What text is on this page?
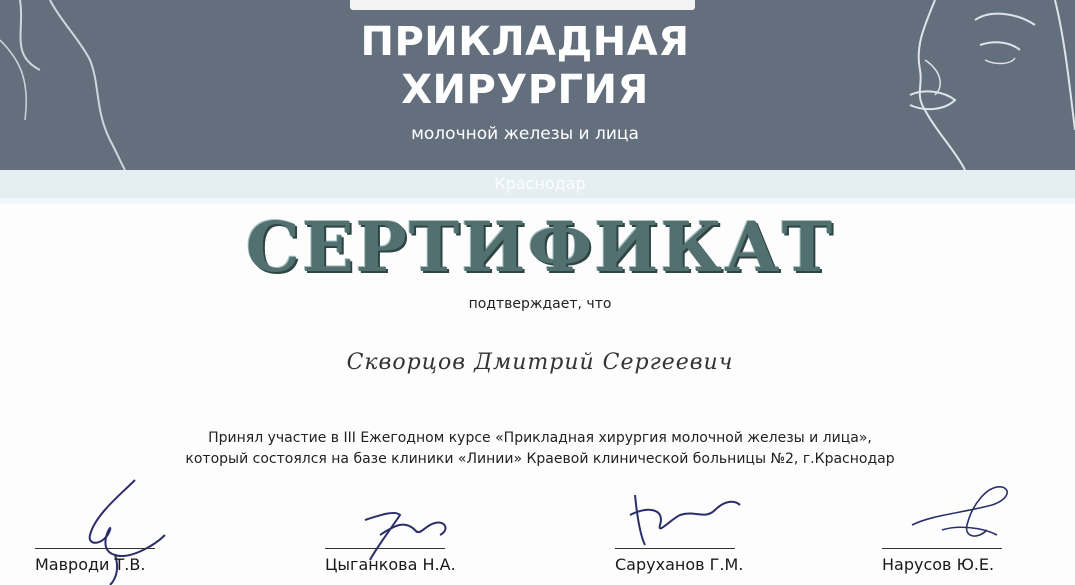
ПРИКЛАДНАЯ
ХИРУРГИЯ
молочной железы и лица
Краснодар
СЕРТИФИКАТ
подтверждает, что
Скворцов Дмитрий Сергеевич
Принял участие в III Ежегодном курсе «Прикладная хирургия молочной железы и лица»,
который состоялся на базе клиники «Линии» Краевой клинической больницы №2, г.Краснодар
Мавроди Т.В.	Цыганкова Н.А.	Саруханов Г.М.	Нарусов Ю.Е.
